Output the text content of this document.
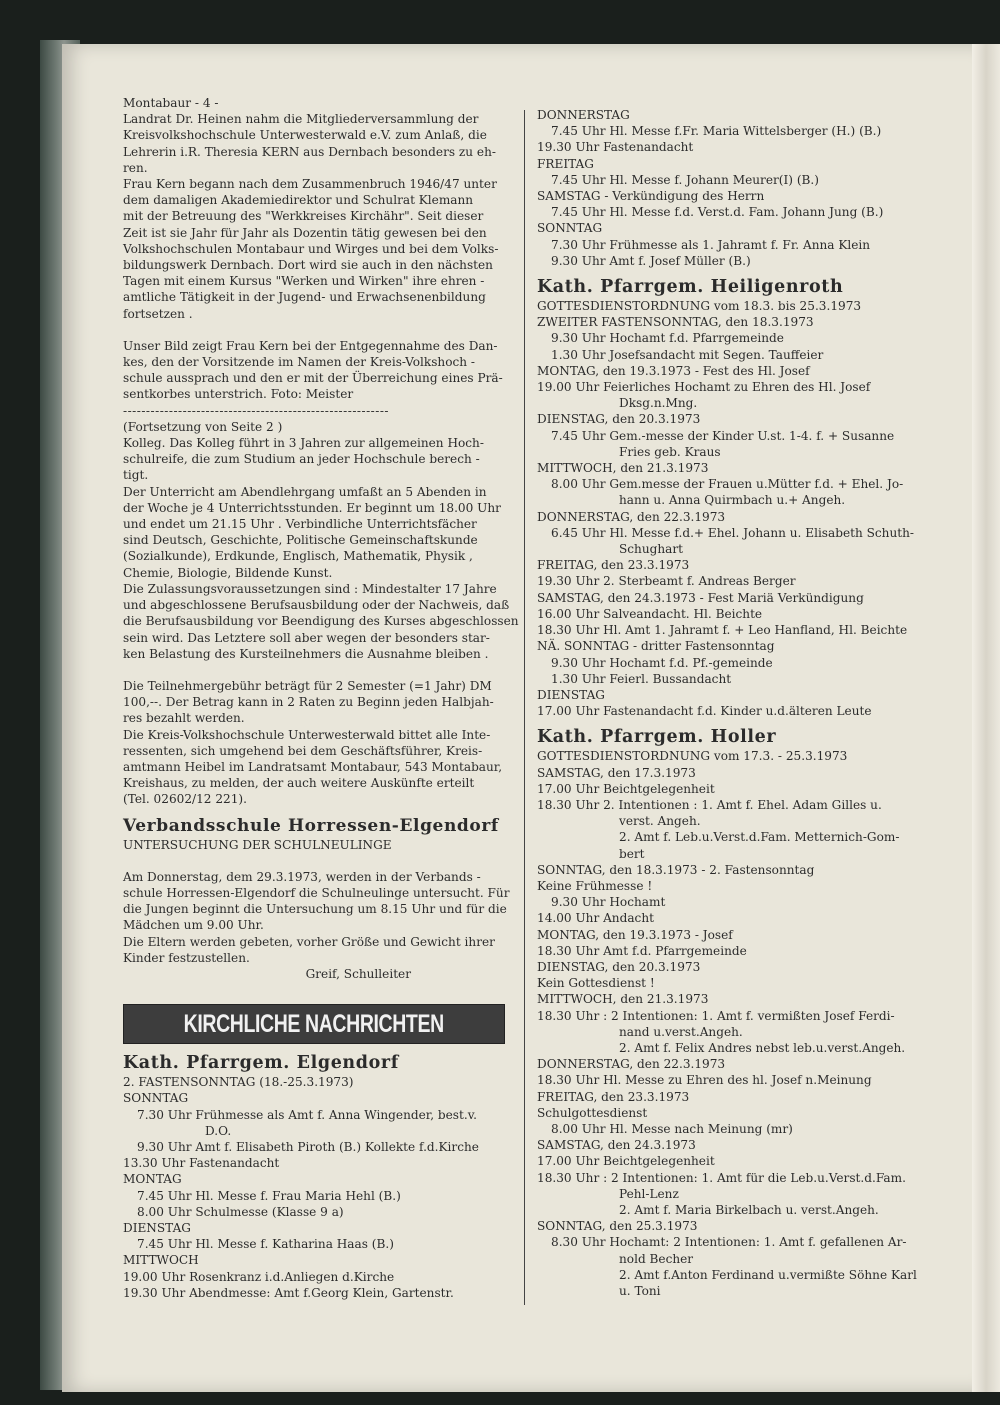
Montabaur - 4 -
Landrat Dr. Heinen nahm die Mitgliederversammlung der
Kreisvolkshochschule Unterwesterwald e.V. zum Anlaß, die
Lehrerin i.R. Theresia KERN aus Dernbach besonders zu eh-
ren.
Frau Kern begann nach dem Zusammenbruch 1946/47 unter
dem damaligen Akademiedirektor und Schulrat Klemann
mit der Betreuung des "Werkkreises Kirchähr". Seit dieser
Zeit ist sie Jahr für Jahr als Dozentin tätig gewesen bei den
Volkshochschulen Montabaur und Wirges und bei dem Volks-
bildungswerk Dernbach. Dort wird sie auch in den nächsten
Tagen mit einem Kursus "Werken und Wirken" ihre ehren -
amtliche Tätigkeit in der Jugend- und Erwachsenenbildung
fortsetzen .
Unser Bild zeigt Frau Kern bei der Entgegennahme des Dan-
kes, den der Vorsitzende im Namen der Kreis-Volkshoch -
schule aussprach und den er mit der Überreichung eines Prä-
sentkorbes unterstrich. Foto: Meister
----------------------------------------------------------
(Fortsetzung von Seite 2 )
Kolleg. Das Kolleg führt in 3 Jahren zur allgemeinen Hoch-
schulreife, die zum Studium an jeder Hochschule berech -
tigt.
Der Unterricht am Abendlehrgang umfaßt an 5 Abenden in
der Woche je 4 Unterrichtsstunden. Er beginnt um 18.00 Uhr
und endet um 21.15 Uhr . Verbindliche Unterrichtsfächer
sind Deutsch, Geschichte, Politische Gemeinschaftskunde
(Sozialkunde), Erdkunde, Englisch, Mathematik, Physik ,
Chemie, Biologie, Bildende Kunst.
Die Zulassungsvoraussetzungen sind : Mindestalter 17 Jahre
und abgeschlossene Berufsausbildung oder der Nachweis, daß
die Berufsausbildung vor Beendigung des Kurses abgeschlossen
sein wird. Das Letztere soll aber wegen der besonders star-
ken Belastung des Kursteilnehmers die Ausnahme bleiben .
Die Teilnehmergebühr beträgt für 2 Semester (=1 Jahr) DM
100,--. Der Betrag kann in 2 Raten zu Beginn jeden Halbjah-
res bezahlt werden.
Die Kreis-Volkshochschule Unterwesterwald bittet alle Inte-
ressenten, sich umgehend bei dem Geschäftsführer, Kreis-
amtmann Heibel im Landratsamt Montabaur, 543 Montabaur,
Kreishaus, zu melden, der auch weitere Auskünfte erteilt
(Tel. 02602/12 221).
Verbandsschule Horressen-Elgendorf
UNTERSUCHUNG DER SCHULNEULINGE
Am Donnerstag, dem 29.3.1973, werden in der Verbands -
schule Horressen-Elgendorf die Schulneulinge untersucht. Für
die Jungen beginnt die Untersuchung um 8.15 Uhr und für die
Mädchen um 9.00 Uhr.
Die Eltern werden gebeten, vorher Größe und Gewicht ihrer
Kinder festzustellen.
Greif, Schulleiter
KIRCHLICHE NACHRICHTEN
Kath. Pfarrgem. Elgendorf
2. FASTENSONNTAG (18.-25.3.1973)
SONNTAG
7.30 Uhr Frühmesse als Amt f. Anna Wingender, best.v.
D.O.
9.30 Uhr Amt f. Elisabeth Piroth (B.) Kollekte f.d.Kirche
13.30 Uhr Fastenandacht
MONTAG
7.45 Uhr Hl. Messe f. Frau Maria Hehl (B.)
8.00 Uhr Schulmesse (Klasse 9 a)
DIENSTAG
7.45 Uhr Hl. Messe f. Katharina Haas (B.)
MITTWOCH
19.00 Uhr Rosenkranz i.d.Anliegen d.Kirche
19.30 Uhr Abendmesse: Amt f.Georg Klein, Gartenstr.
DONNERSTAG
7.45 Uhr Hl. Messe f.Fr. Maria Wittelsberger (H.) (B.)
19.30 Uhr Fastenandacht
FREITAG
7.45 Uhr Hl. Messe f. Johann Meurer(I) (B.)
SAMSTAG - Verkündigung des Herrn
7.45 Uhr Hl. Messe f.d. Verst.d. Fam. Johann Jung (B.)
SONNTAG
7.30 Uhr Frühmesse als 1. Jahramt f. Fr. Anna Klein
9.30 Uhr Amt f. Josef Müller (B.)
Kath. Pfarrgem. Heiligenroth
GOTTESDIENSTORDNUNG vom 18.3. bis 25.3.1973
ZWEITER FASTENSONNTAG, den 18.3.1973
9.30 Uhr Hochamt f.d. Pfarrgemeinde
1.30 Uhr Josefsandacht mit Segen. Tauffeier
MONTAG, den 19.3.1973 - Fest des Hl. Josef
19.00 Uhr Feierliches Hochamt zu Ehren des Hl. Josef
Dksg.n.Mng.
DIENSTAG, den 20.3.1973
7.45 Uhr Gem.-messe der Kinder U.st. 1-4. f. + Susanne
Fries geb. Kraus
MITTWOCH, den 21.3.1973
8.00 Uhr Gem.messe der Frauen u.Mütter f.d. + Ehel. Jo-
hann u. Anna Quirmbach u.+ Angeh.
DONNERSTAG, den 22.3.1973
6.45 Uhr Hl. Messe f.d.+ Ehel. Johann u. Elisabeth Schuth-
Schughart
FREITAG, den 23.3.1973
19.30 Uhr 2. Sterbeamt f. Andreas Berger
SAMSTAG, den 24.3.1973 - Fest Mariä Verkündigung
16.00 Uhr Salveandacht. Hl. Beichte
18.30 Uhr Hl. Amt 1. Jahramt f. + Leo Hanfland, Hl. Beichte
NÄ. SONNTAG - dritter Fastensonntag
9.30 Uhr Hochamt f.d. Pf.-gemeinde
1.30 Uhr Feierl. Bussandacht
DIENSTAG
17.00 Uhr Fastenandacht f.d. Kinder u.d.älteren Leute
Kath. Pfarrgem. Holler
GOTTESDIENSTORDNUNG vom 17.3. - 25.3.1973
SAMSTAG, den 17.3.1973
17.00 Uhr Beichtgelegenheit
18.30 Uhr 2. Intentionen : 1. Amt f. Ehel. Adam Gilles u.
verst. Angeh.
2. Amt f. Leb.u.Verst.d.Fam. Metternich-Gom-
bert
SONNTAG, den 18.3.1973 - 2. Fastensonntag
Keine Frühmesse !
9.30 Uhr Hochamt
14.00 Uhr Andacht
MONTAG, den 19.3.1973 - Josef
18.30 Uhr Amt f.d. Pfarrgemeinde
DIENSTAG, den 20.3.1973
Kein Gottesdienst !
MITTWOCH, den 21.3.1973
18.30 Uhr : 2 Intentionen: 1. Amt f. vermißten Josef Ferdi-
nand u.verst.Angeh.
2. Amt f. Felix Andres nebst leb.u.verst.Angeh.
DONNERSTAG, den 22.3.1973
18.30 Uhr Hl. Messe zu Ehren des hl. Josef n.Meinung
FREITAG, den 23.3.1973
Schulgottesdienst
8.00 Uhr Hl. Messe nach Meinung (mr)
SAMSTAG, den 24.3.1973
17.00 Uhr Beichtgelegenheit
18.30 Uhr : 2 Intentionen: 1. Amt für die Leb.u.Verst.d.Fam.
Pehl-Lenz
2. Amt f. Maria Birkelbach u. verst.Angeh.
SONNTAG, den 25.3.1973
8.30 Uhr Hochamt: 2 Intentionen: 1. Amt f. gefallenen Ar-
nold Becher
2. Amt f.Anton Ferdinand u.vermißte Söhne Karl
u. Toni
